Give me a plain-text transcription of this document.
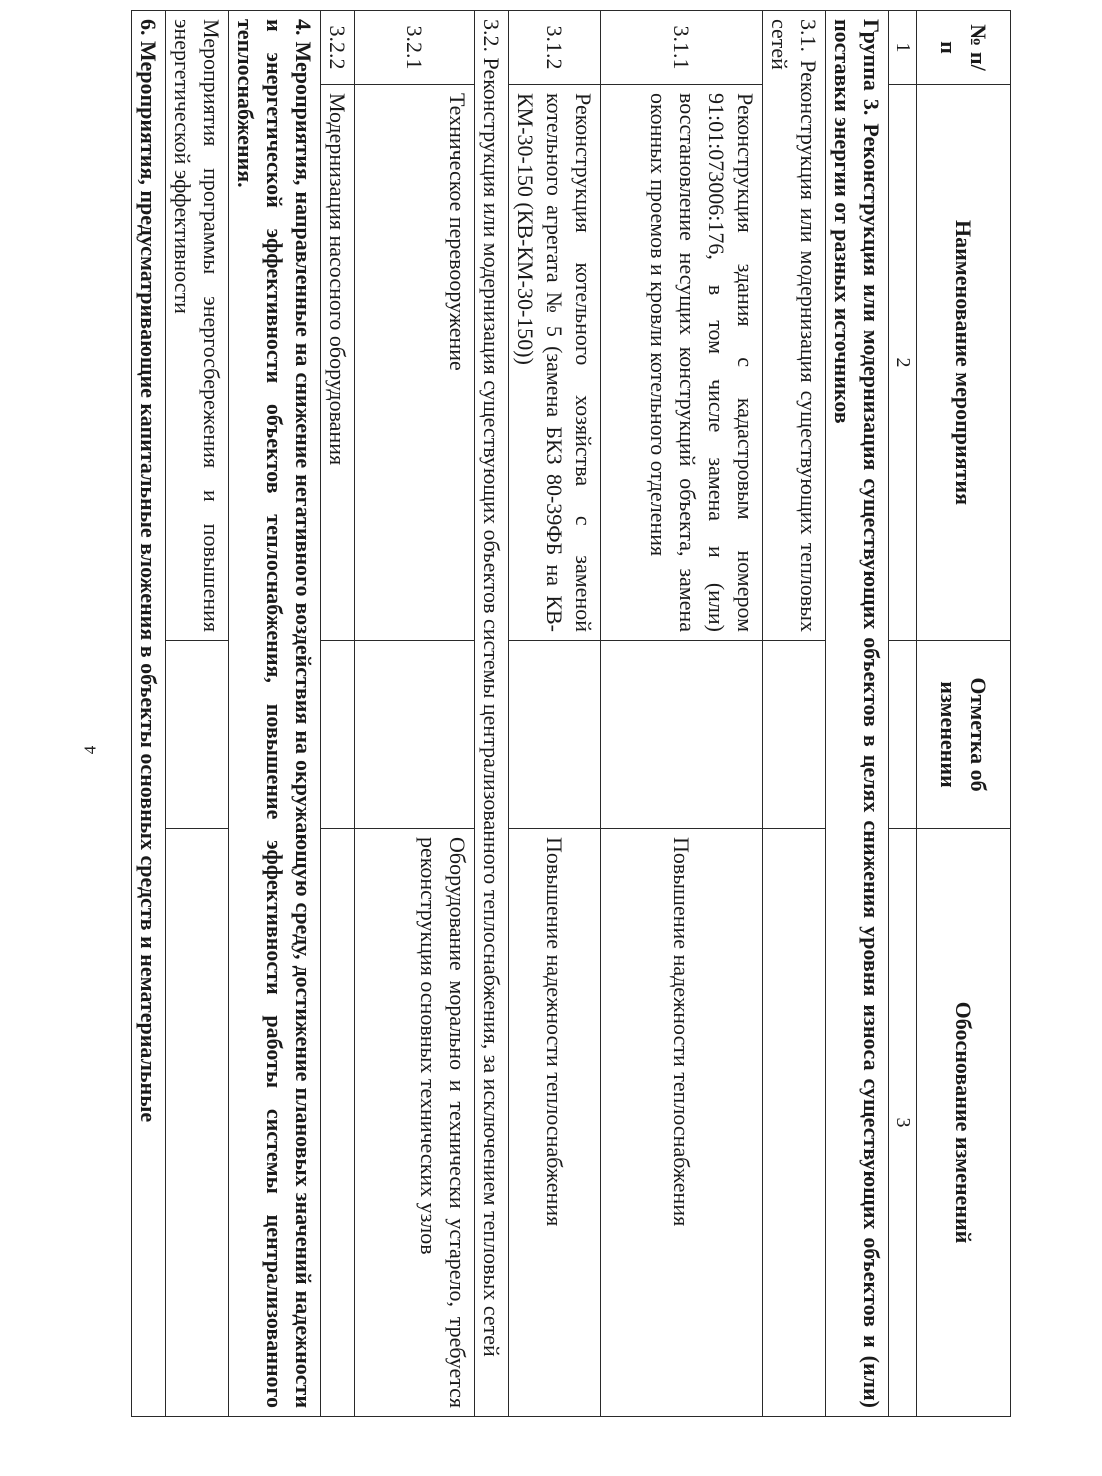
4
№ п/п	Наименование мероприятия	Отметка об изменении	Обоснование изменений
1	2		3
Группа 3. Реконструкция или модернизация существующих объектов в целях снижения уровня износа существующих объектов и (или) поставки энергии от разных источников			
3.1. Реконструкция или модернизация существующих тепловых сетей			
3.1.1	Реконструкция здания с кадастровым номером 91:01:073006:176, в том числе замена и (или) восстановление несущих конструкций объекта, замена оконных проемов и кровли котельного отделения		Повышение надежности теплоснабжения
3.1.2	Реконструкция котельного хозяйства с заменой котельного агрегата № 5 (замена БКЗ 80-39ФБ на КВ-КМ-30-150 (КВ-КМ-30-150))		Повышение надежности теплоснабжения
3.2. Реконструкция или модернизация существующих объектов системы централизованного теплоснабжения, за исключением тепловых сетей			
3.2.1	Техническое перевооружение		Оборудование морально и технически устарело, требуется реконструкция основных технических узлов
3.2.2	Модернизация насосного оборудования		
4. Мероприятия, направленные на снижение негативного воздействия на окружающую среду, достижение плановых значений надежности и энергетической эффективности объектов теплоснабжения, повышение эффективности работы системы централизованного теплоснабжения.			
Мероприятия программы энергосбережения и повышения энергетической эффективности			
6. Мероприятия, предусматривающие капитальные вложения в объекты основных средств и нематериальные			
